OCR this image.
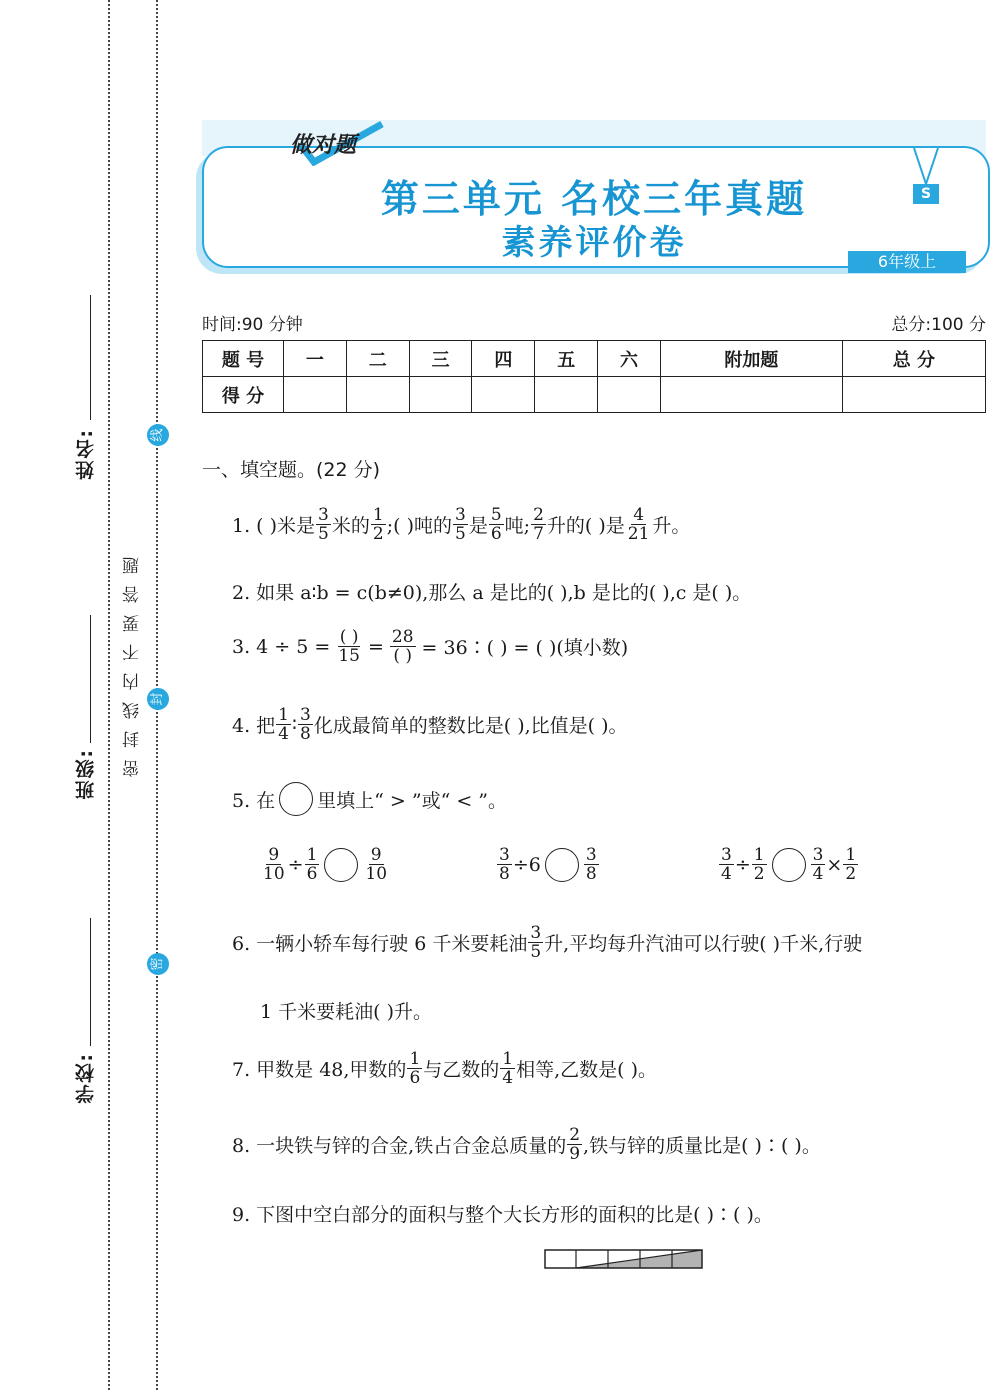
姓名:
班级:
学校:
密封线内不要答题
线
封
密
做对题
第三单元 名校三年真题
素养评价卷
S
6年级上
时间:90 分钟	总分:100 分
题 号	一	二	三	四	五	六	附加题	总 分
得 分								
一、填空题。(22 分)
1. ( )米是 $\frac{3}{5}$ 米的 $\frac{1}{2}$ ;( )吨的 $\frac{3}{5}$ 是 $\frac{5}{6}$ 吨; $\frac{2}{7}$ 升的( )是 $\frac{4}{21}$ 升。
2. 如果 a∶b = c(b≠0),那么 a 是比的( ),b 是比的( ),c 是( )。
3. $4 \div 5 = \frac{( )}{15} = \frac{28}{( )}$ = 36∶( ) = ( )(填小数)
4. 把 $\frac{1}{4}$ ∶ $\frac{3}{8}$ 化成最简单的整数比是( ),比值是( )。
5. 在 里填上“ > ”或“ < ”。
$\frac{9}{10} \div \frac{1}{6}$	$\frac{9}{10}$	$\frac{3}{8} \div 6$	$\frac{3}{8}$	$\frac{3}{4} \div \frac{1}{2}$	$\frac{3}{4} \times \frac{1}{2}$
6. 一辆小轿车每行驶 6 千米要耗油 $\frac{3}{5}$ 升,平均每升汽油可以行驶( )千米,行驶
1 千米要耗油( )升。
7. 甲数是 48,甲数的 $\frac{1}{6}$ 与乙数的 $\frac{1}{4}$ 相等,乙数是( )。
8. 一块铁与锌的合金,铁占合金总质量的 $\frac{2}{9}$ ,铁与锌的质量比是( )∶( )。
9. 下图中空白部分的面积与整个大长方形的面积的比是( )∶( )。
